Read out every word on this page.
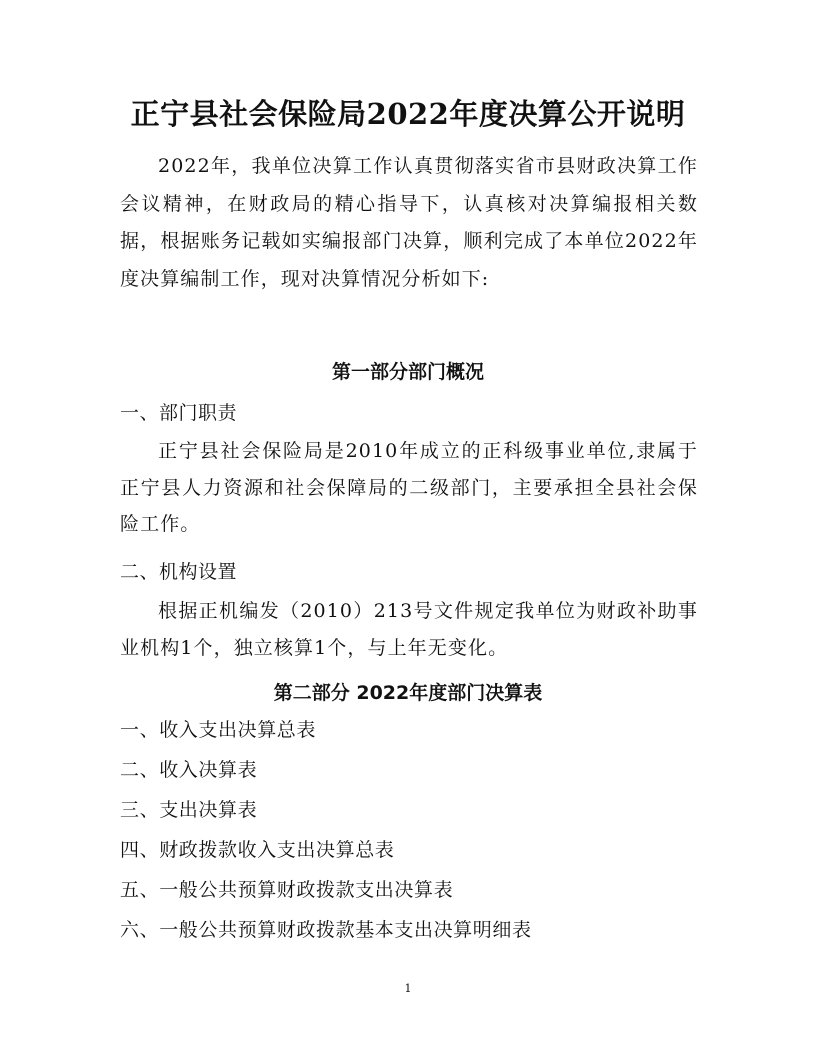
正宁县社会保险局2022年度决算公开说明

2022年，我单位决算工作认真贯彻落实省市县财政决算工作会议精神，在财政局的精心指导下，认真核对决算编报相关数据，根据账务记载如实编报部门决算，顺利完成了本单位2022年度决算编制工作，现对决算情况分析如下:

第一部分部门概况
一、部门职责

正宁县社会保险局是2010年成立的正科级事业单位,隶属于正宁县人力资源和社会保障局的二级部门，主要承担全县社会保险工作。

二、机构设置

根据正机编发（2010）213号文件规定我单位为财政补助事业机构1个，独立核算1个，与上年无变化。

第二部分 2022年度部门决算表
一、收入支出决算总表
二、收入决算表
三、支出决算表
四、财政拨款收入支出决算总表
五、一般公共预算财政拨款支出决算表
六、一般公共预算财政拨款基本支出决算明细表
1
